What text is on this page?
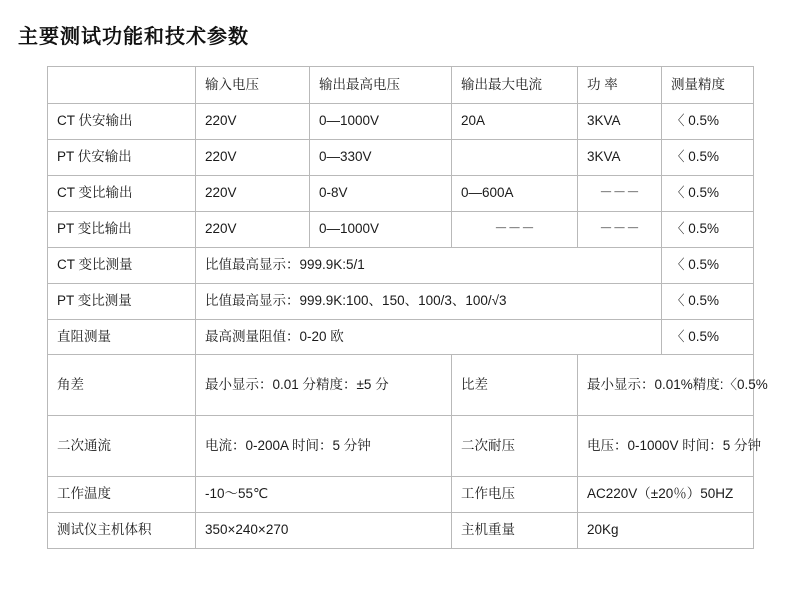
主要测试功能和技术参数
	输入电压	输出最高电压	输出最大电流	功 率	测量精度
CT 伏安输出	220V	0—1000V	20A	3KVA	〈 0.5%
PT 伏安输出	220V	0—330V		3KVA	〈 0.5%
CT 变比输出	220V	0-8V	0—600A	－－－	〈 0.5%
PT 变比输出	220V	0—1000V	－－－	－－－	〈 0.5%
CT 变比测量	比值最高显示：999.9K:5/1				〈 0.5%
PT 变比测量	比值最高显示：999.9K:100、150、100/3、100/√3				〈 0.5%
直阻测量	最高测量阻值：0-20 欧				〈 0.5%
角差	最小显示：0.01 分精度：±5 分		比差	最小显示：0.01%精度:〈0.5%	
二次通流	电流：0-200A 时间：5 分钟		二次耐压	电压：0-1000V 时间：5 分钟	
工作温度	-10～55℃		工作电压	AC220V（±20％）50HZ	
测试仪主机体积	350×240×270		主机重量	20Kg	
